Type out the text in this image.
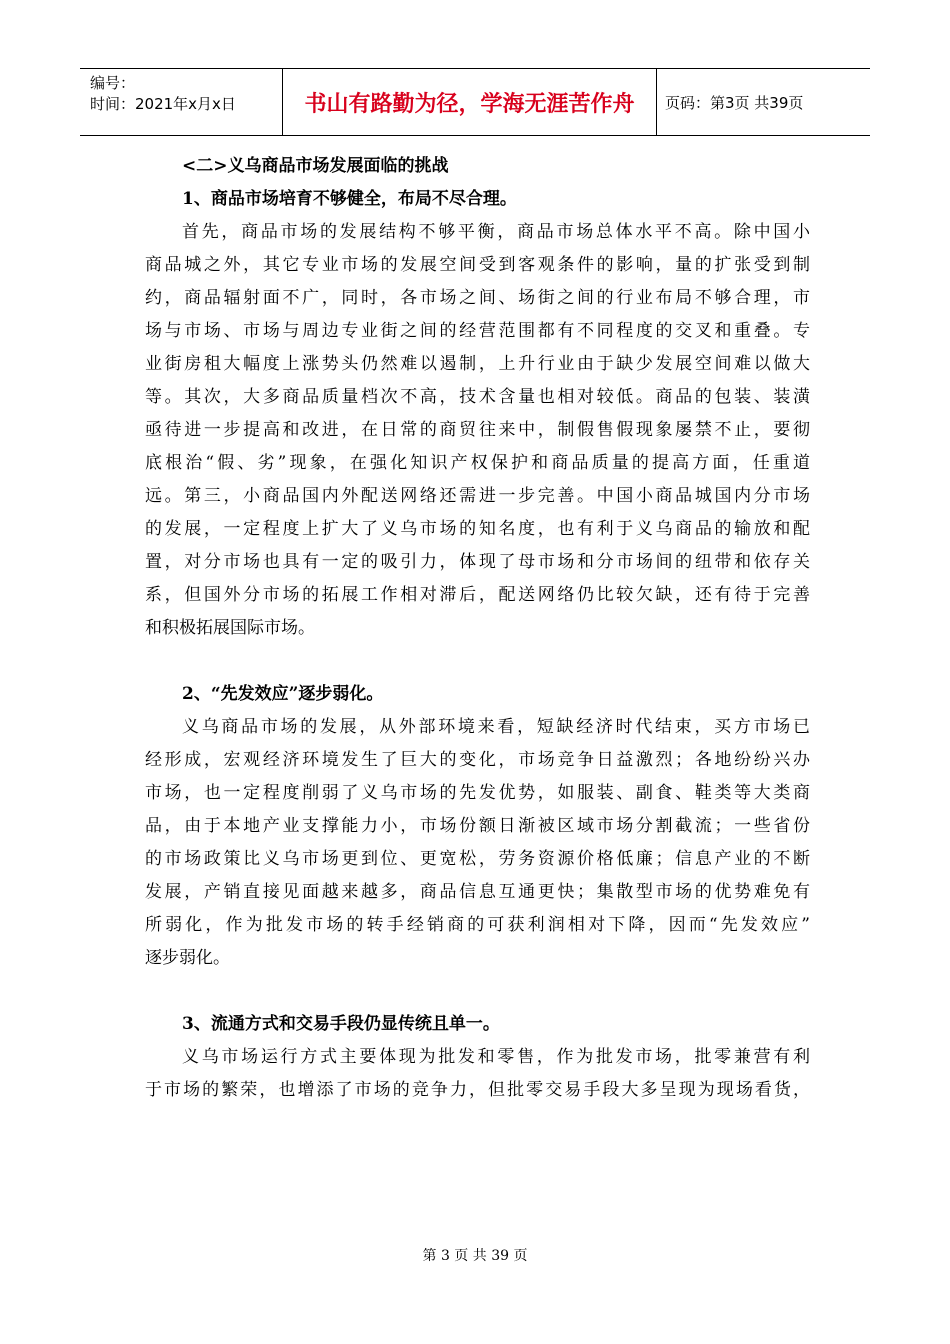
编号：
时间：2021年x月x日	书山有路勤为径，学海无涯苦作舟	页码：第3页 共39页
<二>义乌商品市场发展面临的挑战
1、商品市场培育不够健全，布局不尽合理。
首先，商品市场的发展结构不够平衡，商品市场总体水平不高。除中国小
商品城之外，其它专业市场的发展空间受到客观条件的影响，量的扩张受到制
约，商品辐射面不广，同时，各市场之间、场街之间的行业布局不够合理，市
场与市场、市场与周边专业街之间的经营范围都有不同程度的交叉和重叠。专
业街房租大幅度上涨势头仍然难以遏制，上升行业由于缺少发展空间难以做大
等。其次，大多商品质量档次不高，技术含量也相对较低。商品的包装、装潢
亟待进一步提高和改进，在日常的商贸往来中，制假售假现象屡禁不止，要彻
底根治“假、劣”现象，在强化知识产权保护和商品质量的提高方面，任重道
远。第三，小商品国内外配送网络还需进一步完善。中国小商品城国内分市场
的发展，一定程度上扩大了义乌市场的知名度，也有利于义乌商品的输放和配
置，对分市场也具有一定的吸引力，体现了母市场和分市场间的纽带和依存关
系，但国外分市场的拓展工作相对滞后，配送网络仍比较欠缺，还有待于完善
和积极拓展国际市场。
2、“先发效应”逐步弱化。
义乌商品市场的发展，从外部环境来看，短缺经济时代结束，买方市场已
经形成，宏观经济环境发生了巨大的变化，市场竞争日益激烈；各地纷纷兴办
市场，也一定程度削弱了义乌市场的先发优势，如服装、副食、鞋类等大类商
品，由于本地产业支撑能力小，市场份额日渐被区域市场分割截流；一些省份
的市场政策比义乌市场更到位、更宽松，劳务资源价格低廉；信息产业的不断
发展，产销直接见面越来越多，商品信息互通更快；集散型市场的优势难免有
所弱化，作为批发市场的转手经销商的可获利润相对下降，因而“先发效应”
逐步弱化。
3、流通方式和交易手段仍显传统且单一。
义乌市场运行方式主要体现为批发和零售，作为批发市场，批零兼营有利
于市场的繁荣，也增添了市场的竞争力，但批零交易手段大多呈现为现场看货，
第 3 页 共 39 页
